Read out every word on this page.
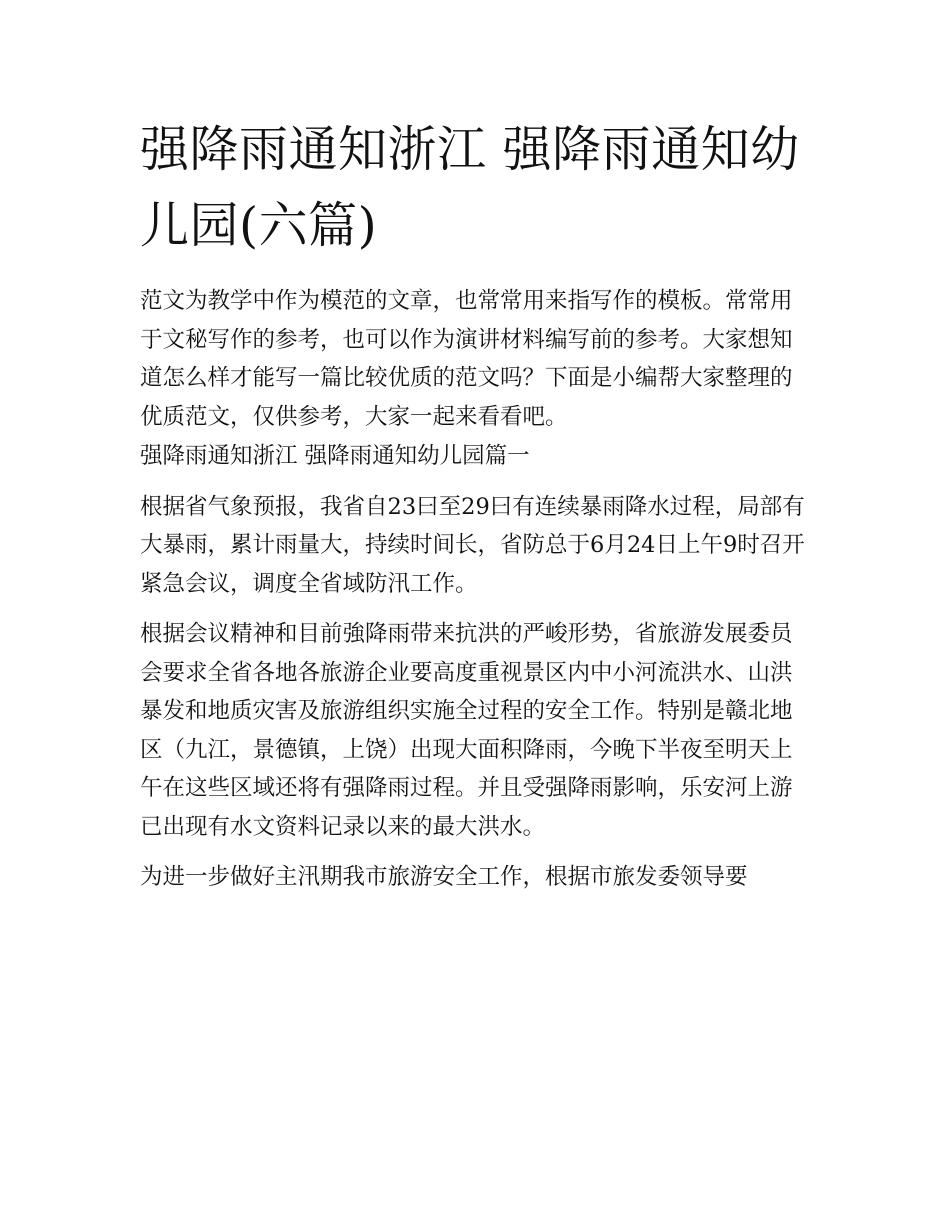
强降雨通知浙江 强降雨通知幼儿园(六篇)

范文为教学中作为模范的文章，也常常用来指写作的模板。常常用于文秘写作的参考，也可以作为演讲材料编写前的参考。大家想知道怎么样才能写一篇比较优质的范文吗？下面是小编帮大家整理的优质范文，仅供参考，大家一起来看看吧。

强降雨通知浙江 强降雨通知幼儿园篇一

根据省气象预报，我省自23曰至29曰有连续暴雨降水过程，局部有大暴雨，累计雨量大，持续时间长，省防总于6月24日上午9时召开紧急会议，调度全省域防汛工作。

根据会议精神和目前強降雨带来抗洪的严峻形势，省旅游发展委员会要求全省各地各旅游企业要高度重视景区内中小河流洪水、山洪暴发和地质灾害及旅游组织实施全过程的安全工作。特别是赣北地区（九江，景德镇，上饶）出现大面积降雨，今晚下半夜至明天上午在这些区域还将有强降雨过程。并且受强降雨影响，乐安河上游已出现有水文资料记录以来的最大洪水。

为进一步做好主汛期我市旅游安全工作，根据市旅发委领导要
